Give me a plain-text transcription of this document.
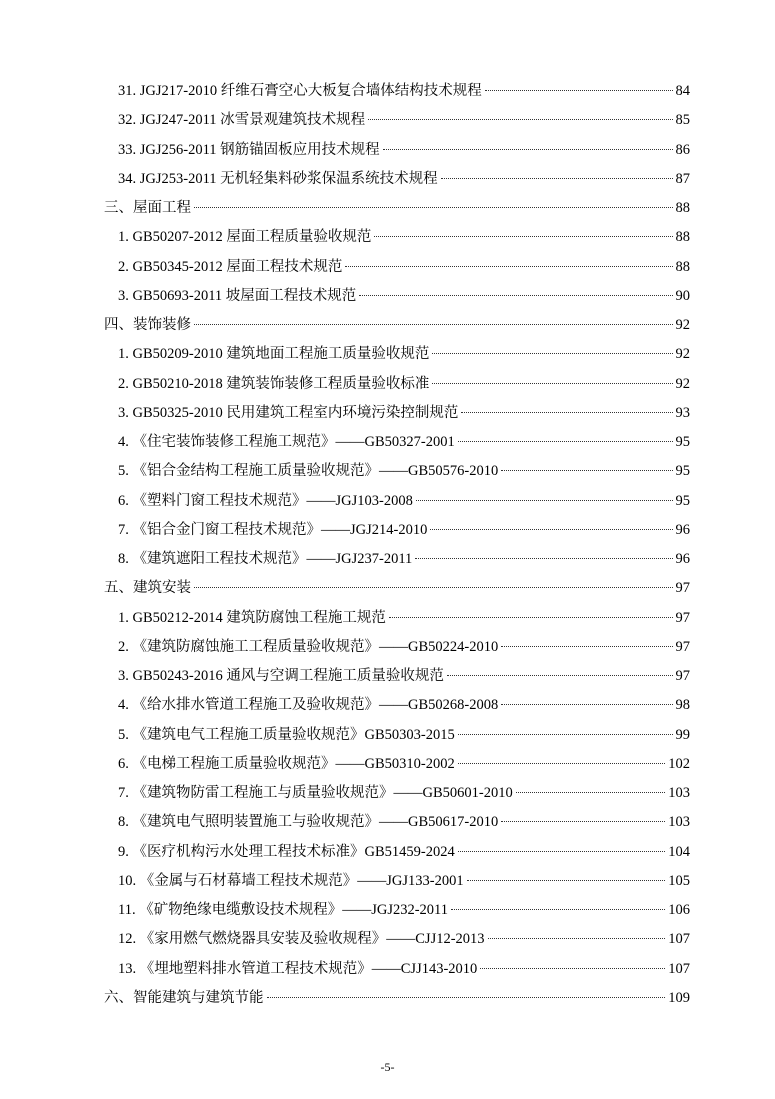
31. JGJ217-2010 纤维石膏空心大板复合墙体结构技术规程	84
32. JGJ247-2011 冰雪景观建筑技术规程	85
33. JGJ256-2011 钢筋锚固板应用技术规程	86
34. JGJ253-2011 无机轻集料砂浆保温系统技术规程	87
三、屋面工程	88
1. GB50207-2012 屋面工程质量验收规范	88
2. GB50345-2012 屋面工程技术规范	88
3. GB50693-2011 坡屋面工程技术规范	90
四、装饰装修	92
1. GB50209-2010 建筑地面工程施工质量验收规范	92
2. GB50210-2018 建筑装饰装修工程质量验收标准	92
3. GB50325-2010 民用建筑工程室内环境污染控制规范	93
4. 《住宅装饰装修工程施工规范》——GB50327-2001	95
5. 《铝合金结构工程施工质量验收规范》——GB50576-2010	95
6. 《塑料门窗工程技术规范》——JGJ103-2008	95
7. 《铝合金门窗工程技术规范》——JGJ214-2010	96
8. 《建筑遮阳工程技术规范》——JGJ237-2011	96
五、建筑安装	97
1. GB50212-2014 建筑防腐蚀工程施工规范	97
2. 《建筑防腐蚀施工工程质量验收规范》——GB50224-2010	97
3. GB50243-2016 通风与空调工程施工质量验收规范	97
4. 《给水排水管道工程施工及验收规范》——GB50268-2008	98
5. 《建筑电气工程施工质量验收规范》GB50303-2015	99
6. 《电梯工程施工质量验收规范》——GB50310-2002	102
7. 《建筑物防雷工程施工与质量验收规范》——GB50601-2010	103
8. 《建筑电气照明装置施工与验收规范》——GB50617-2010	103
9. 《医疗机构污水处理工程技术标准》GB51459-2024	104
10. 《金属与石材幕墙工程技术规范》——JGJ133-2001	105
11. 《矿物绝缘电缆敷设技术规程》——JGJ232-2011	106
12. 《家用燃气燃烧器具安装及验收规程》——CJJ12-2013	107
13. 《埋地塑料排水管道工程技术规范》——CJJ143-2010	107
六、智能建筑与建筑节能	109
-5-
